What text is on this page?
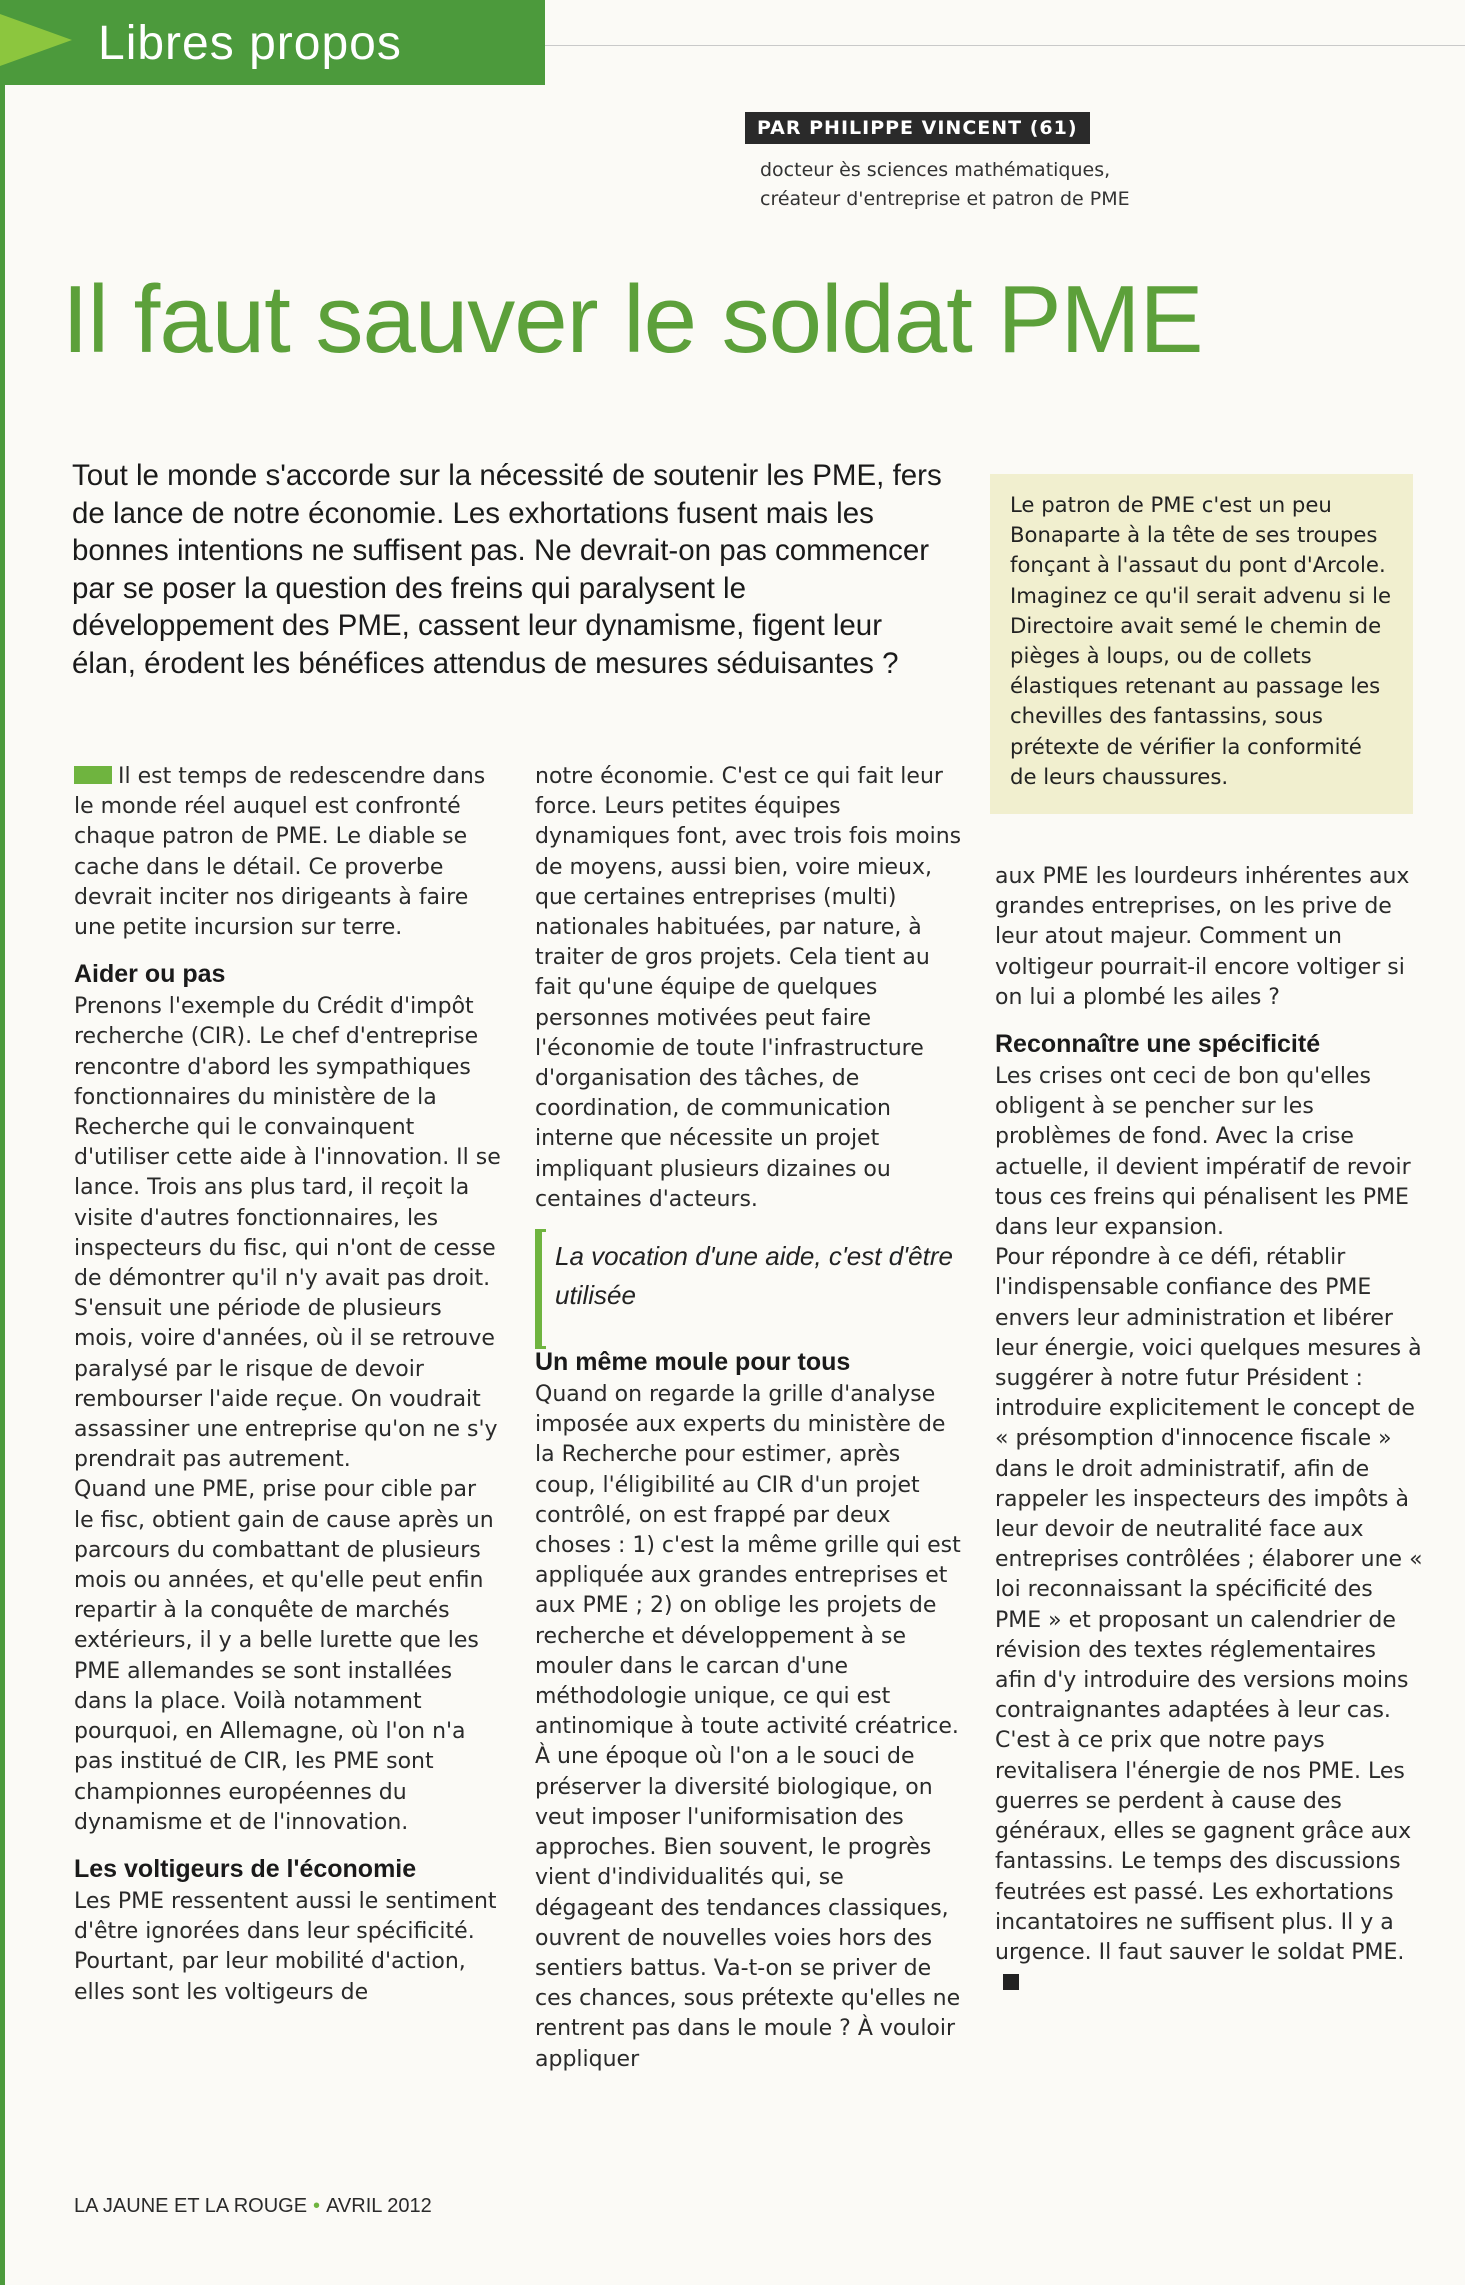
Libres propos
PAR PHILIPPE VINCENT (61)
docteur ès sciences mathématiques,
créateur d'entreprise et patron de PME
Il faut sauver le soldat PME
Tout le monde s'accorde sur la nécessité de soutenir les PME, fers de lance de notre économie. Les exhortations fusent mais les bonnes intentions ne suffisent pas. Ne devrait-on pas commencer par se poser la question des freins qui paralysent le développement des PME, cassent leur dynamisme, figent leur élan, érodent les bénéfices attendus de mesures séduisantes ?
Le patron de PME c'est un peu Bonaparte à la tête de ses troupes fonçant à l'assaut du pont d'Arcole. Imaginez ce qu'il serait advenu si le Directoire avait semé le chemin de pièges à loups, ou de collets élastiques retenant au passage les chevilles des fantassins, sous prétexte de vérifier la conformité de leurs chaussures.

Il est temps de redescendre dans le monde réel auquel est confronté chaque patron de PME. Le diable se cache dans le détail. Ce proverbe devrait inciter nos dirigeants à faire une petite incursion sur terre.

Aider ou pas

Prenons l'exemple du Crédit d'impôt recherche (CIR). Le chef d'entreprise rencontre d'abord les sympathiques fonctionnaires du ministère de la Recherche qui le convainquent d'utiliser cette aide à l'innovation. Il se lance. Trois ans plus tard, il reçoit la visite d'autres fonctionnaires, les inspecteurs du fisc, qui n'ont de cesse de démontrer qu'il n'y avait pas droit. S'ensuit une période de plusieurs mois, voire d'années, où il se retrouve paralysé par le risque de devoir rembourser l'aide reçue. On voudrait assassiner une entreprise qu'on ne s'y prendrait pas autrement.

Quand une PME, prise pour cible par le fisc, obtient gain de cause après un parcours du combattant de plusieurs mois ou années, et qu'elle peut enfin repartir à la conquête de marchés extérieurs, il y a belle lurette que les PME allemandes se sont installées dans la place. Voilà notamment pourquoi, en Allemagne, où l'on n'a pas institué de CIR, les PME sont championnes européennes du dynamisme et de l'innovation.

Les voltigeurs de l'économie

Les PME ressentent aussi le sentiment d'être ignorées dans leur spécificité. Pourtant, par leur mobilité d'action, elles sont les voltigeurs de

notre économie. C'est ce qui fait leur force. Leurs petites équipes dynamiques font, avec trois fois moins de moyens, aussi bien, voire mieux, que certaines entreprises (multi) nationales habituées, par nature, à traiter de gros projets. Cela tient au fait qu'une équipe de quelques personnes motivées peut faire l'économie de toute l'infrastructure d'organisation des tâches, de coordination, de communication interne que nécessite un projet impliquant plusieurs dizaines ou centaines d'acteurs.

La vocation d'une aide, c'est d'être utilisée
Un même moule pour tous

Quand on regarde la grille d'analyse imposée aux experts du ministère de la Recherche pour estimer, après coup, l'éligibilité au CIR d'un projet contrôlé, on est frappé par deux choses : 1) c'est la même grille qui est appliquée aux grandes entreprises et aux PME ; 2) on oblige les projets de recherche et développement à se mouler dans le carcan d'une méthodologie unique, ce qui est antinomique à toute activité créatrice. À une époque où l'on a le souci de préserver la diversité biologique, on veut imposer l'uniformisation des approches. Bien souvent, le progrès vient d'individualités qui, se dégageant des tendances classiques, ouvrent de nouvelles voies hors des sentiers battus. Va-t-on se priver de ces chances, sous prétexte qu'elles ne rentrent pas dans le moule ? À vouloir appliquer

aux PME les lourdeurs inhérentes aux grandes entreprises, on les prive de leur atout majeur. Comment un voltigeur pourrait-il encore voltiger si on lui a plombé les ailes ?

Reconnaître une spécificité

Les crises ont ceci de bon qu'elles obligent à se pencher sur les problèmes de fond. Avec la crise actuelle, il devient impératif de revoir tous ces freins qui pénalisent les PME dans leur expansion.

Pour répondre à ce défi, rétablir l'indispensable confiance des PME envers leur administration et libérer leur énergie, voici quelques mesures à suggérer à notre futur Président : introduire explicitement le concept de « présomption d'innocence fiscale » dans le droit administratif, afin de rappeler les inspecteurs des impôts à leur devoir de neutralité face aux entreprises contrôlées ; élaborer une « loi reconnaissant la spécificité des PME » et proposant un calendrier de révision des textes réglementaires afin d'y introduire des versions moins contraignantes adaptées à leur cas. C'est à ce prix que notre pays revitalisera l'énergie de nos PME. Les guerres se perdent à cause des généraux, elles se gagnent grâce aux fantassins. Le temps des discussions feutrées est passé. Les exhortations incantatoires ne suffisent plus. Il y a urgence. Il faut sauver le soldat PME.

LA JAUNE ET LA ROUGE • AVRIL 2012
